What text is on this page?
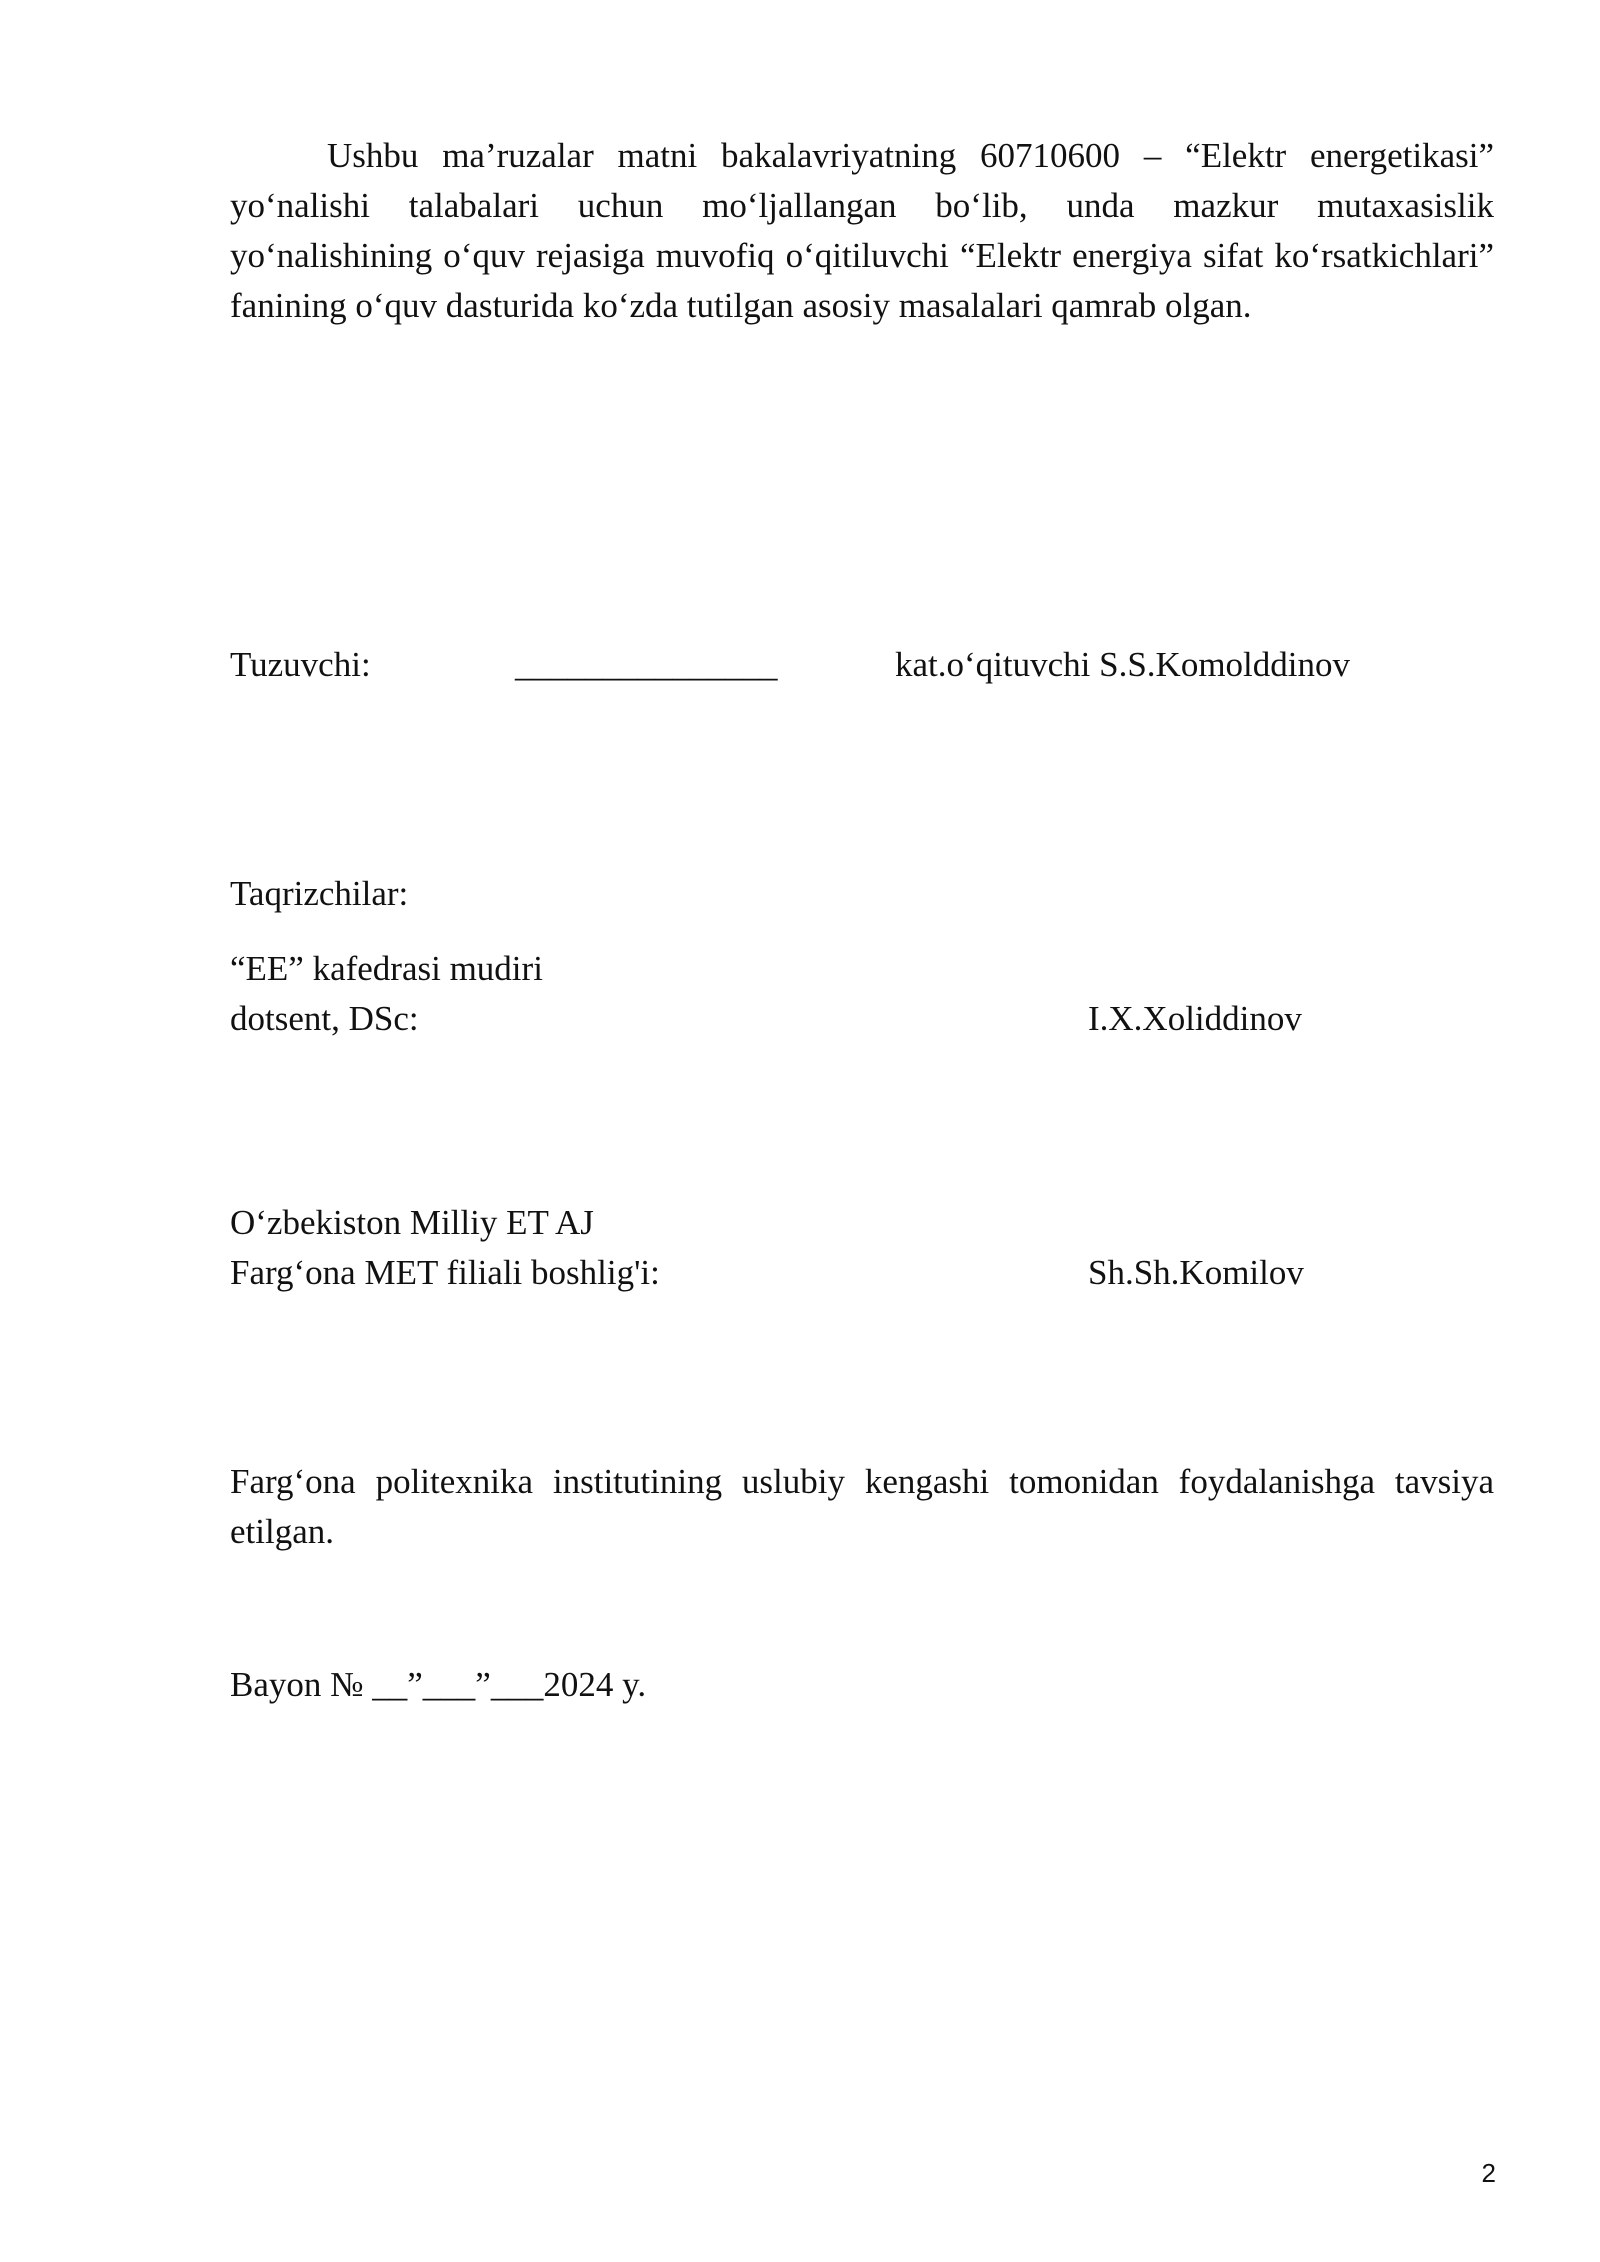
Ushbu ma’ruzalar matni bakalavriyatning 60710600 – “Elektr energetikasi” yo‘nalishi talabalari uchun mo‘ljallangan bo‘lib, unda mazkur mutaxasislik yo‘nalishining o‘quv rejasiga muvofiq o‘qitiluvchi “Elektr energiya sifat ko‘rsatkichlari” fanining o‘quv dasturida ko‘zda tutilgan asosiy masalalari qamrab olgan.

Tuzuvchi:	_______________	kat.o‘qituvchi S.S.Komolddinov
Taqrizchilar:
“EE” kafedrasi mudiri
dotsent, DSc:	I.X.Xoliddinov
O‘zbekiston Milliy ET AJ
Farg‘ona MET filiali boshlig'i:	Sh.Sh.Komilov

Farg‘ona politexnika institutining uslubiy kengashi tomonidan foydalanishga tavsiya etilgan.

Bayon № __”___”___2024 y.
2
